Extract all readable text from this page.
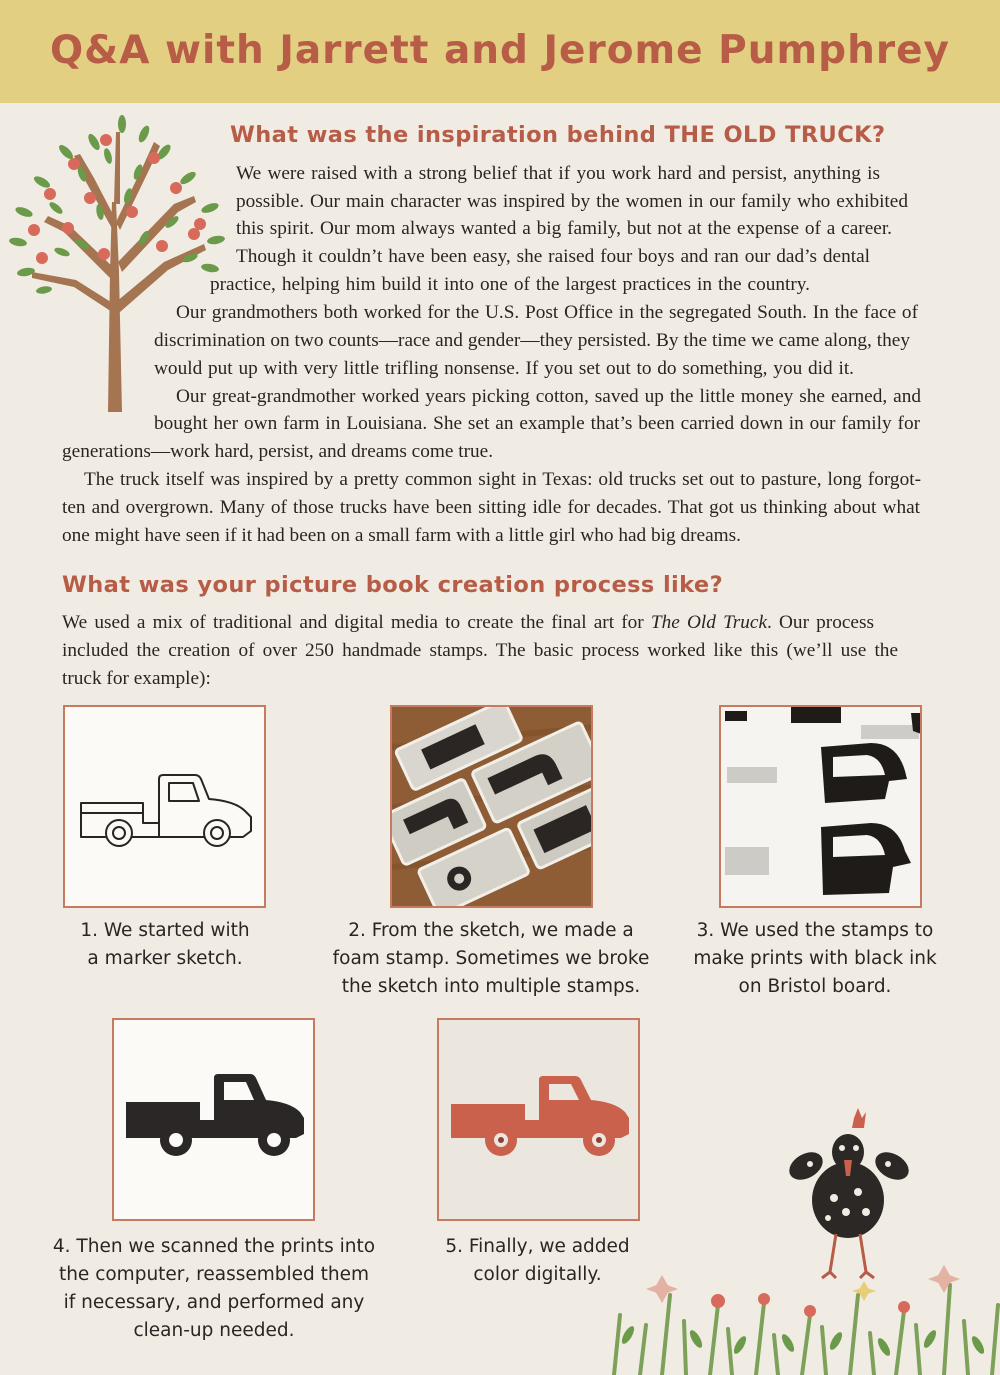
Q&A with Jarrett and Jerome Pumphrey
What was the inspiration behind THE OLD TRUCK?

We were raised with a strong belief that if you work hard and persist, anything is

possible. Our main character was inspired by the women in our family who exhibited

this spirit. Our mom always wanted a big family, but not at the expense of a career.

Though it couldn’t have been easy, she raised four boys and ran our dad’s dental

practice, helping him build it into one of the largest practices in the country.

Our grandmothers both worked for the U.S. Post Office in the segregated South. In the face of

discrimination on two counts—race and gender—they persisted. By the time we came along, they

would put up with very little trifling nonsense. If you set out to do something, you did it.

Our great-grandmother worked years picking cotton, saved up the little money she earned, and

bought her own farm in Louisiana. She set an example that’s been carried down in our family for

generations—work hard, persist, and dreams come true.

The truck itself was inspired by a pretty common sight in Texas: old trucks set out to pasture, long forgot-

ten and overgrown. Many of those trucks have been sitting idle for decades. That got us thinking about what

one might have seen if it had been on a small farm with a little girl who had big dreams.

What was your picture book creation process like?

We used a mix of traditional and digital media to create the final art for The Old Truck. Our process

included the creation of over 250 handmade stamps. The basic process worked like this (we’ll use the

truck for example):

1. We started with

a marker sketch.

2. From the sketch, we made a

foam stamp. Sometimes we broke

the sketch into multiple stamps.

3. We used the stamps to

make prints with black ink

on Bristol board.

4. Then we scanned the prints into

the computer, reassembled them

if necessary, and performed any

clean-up needed.

5. Finally, we added

color digitally.
